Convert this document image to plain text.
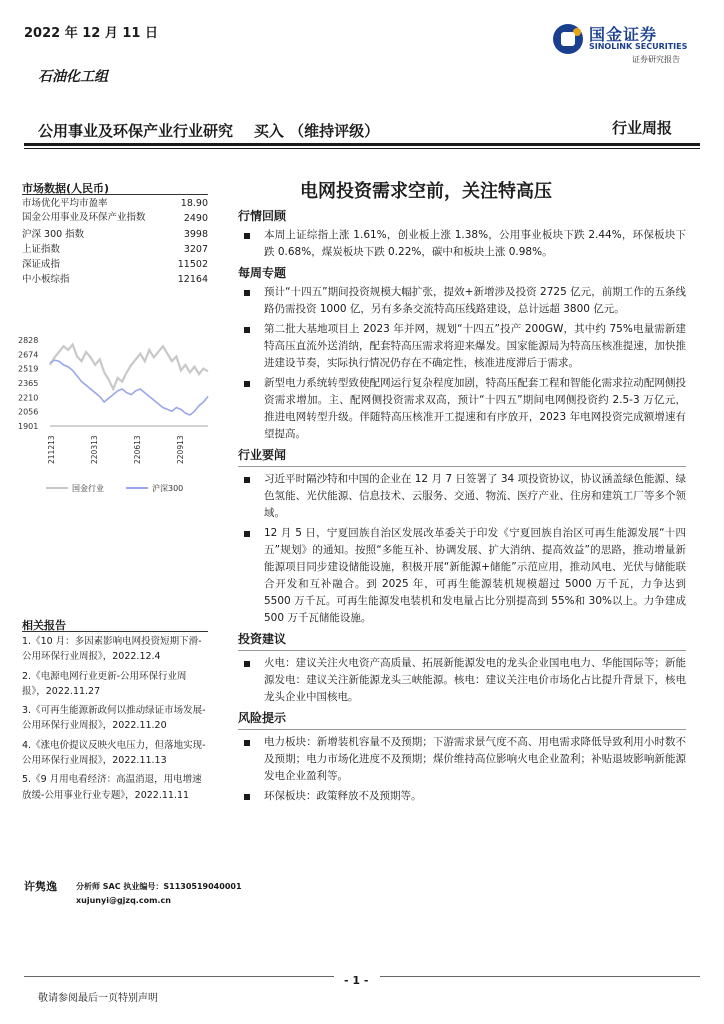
2022 年 12 月 11 日	国金证券
SINOLINK SECURITIES
证券研究报告
石油化工组
公用事业及环保产业行业研究    买入 （维持评级）	行业周报
市场数据(人民币)
市场优化平均市盈率	18.90
国金公用事业及环保产业指数	2490
沪深 300 指数	3998
上证指数	3207
深证成指	11502
中小板综指	12164
2828
2674
2519
2365
2210
2056
1901
211213	220313	220613	220913
国金行业	沪深300
相关报告
1.《10 月：多因素影响电网投资短期下滑-公用环保行业周报》，2022.12.4
2.《电源电网行业更新-公用环保行业周报》，2022.11.27
3.《可再生能源新政何以推动绿证市场发展-公用环保行业周报》，2022.11.20
4.《涨电价提议反映火电压力，但落地实现-公用环保行业周报》，2022.11.13
5.《9 月用电看经济：高温消退，用电增速放缓-公用事业行业专题》，2022.11.11
电网投资需求空前，关注特高压
行情回顾
本周上证综指上涨 1.61%，创业板上涨 1.38%，公用事业板块下跌 2.44%，环保板块下跌 0.68%，煤炭板块下跌 0.22%，碳中和板块上涨 0.98%。
每周专题
预计“十四五”期间投资规模大幅扩张，提效+新增涉及投资 2725 亿元，前期工作的五条线路仍需投资 1000 亿，另有多条交流特高压线路建设，总计远超 3800 亿元。
第二批大基地项目上 2023 年并网，规划“十四五”投产 200GW，其中约 75%电量需新建特高压直流外送消纳，配套特高压需求将迎来爆发。国家能源局为特高压核准提速，加快推进建设节奏，实际执行情况仍存在不确定性，核准进度滞后于需求。
新型电力系统转型致使配网运行复杂程度加剧，特高压配套工程和智能化需求拉动配网侧投资需求增加。主、配网侧投资需求双高，预计“十四五”期间电网侧投资约 2.5-3 万亿元，推进电网转型升级。伴随特高压核准开工提速和有序放开，2023 年电网投资完成额增速有望提高。
行业要闻
习近平时隔沙特和中国的企业在 12 月 7 日签署了 34 项投资协议，协议涵盖绿色能源、绿色氢能、光伏能源、信息技术、云服务、交通、物流、医疗产业、住房和建筑工厂等多个领域。
12 月 5 日，宁夏回族自治区发展改革委关于印发《宁夏回族自治区可再生能源发展“十四五”规划》的通知。按照“多能互补、协调发展、扩大消纳、提高效益”的思路，推动增量新能源项目同步建设储能设施，积极开展“新能源+储能”示范应用，推动风电、光伏与储能联合开发和互补融合。到 2025 年，可再生能源装机规模超过 5000 万千瓦，力争达到 5500 万千瓦。可再生能源发电装机和发电量占比分别提高到 55%和 30%以上。力争建成 500 万千瓦储能设施。
投资建议
火电：建议关注火电资产高质量、拓展新能源发电的龙头企业国电电力、华能国际等；新能源发电：建议关注新能源龙头三峡能源。核电：建议关注电价市场化占比提升背景下，核电龙头企业中国核电。
风险提示
电力板块：新增装机容量不及预期；下游需求景气度不高、用电需求降低导致利用小时数不及预期；电力市场化进度不及预期；煤价维持高位影响火电企业盈利；补贴退坡影响新能源发电企业盈利等。
环保板块：政策释放不及预期等。
许隽逸 分析师 SAC 执业编号：S1130519040001
xujunyi@gjzq.com.cn
- 1 -
敬请参阅最后一页特别声明
